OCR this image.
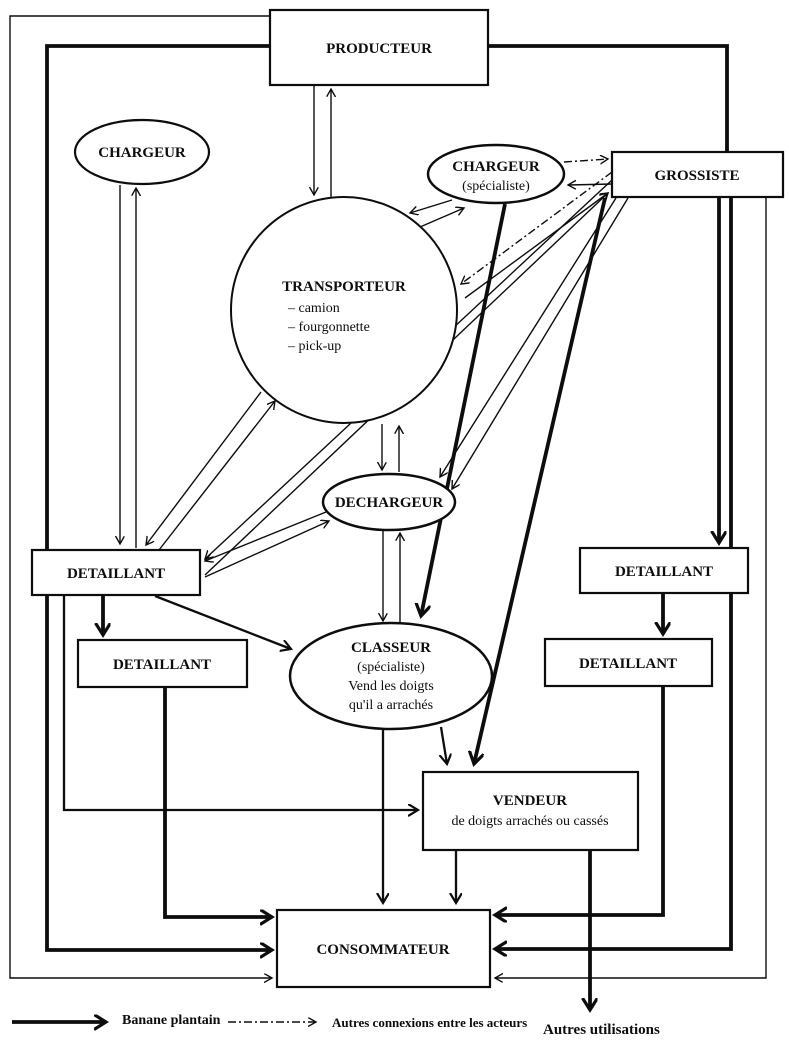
PRODUCTEUR
CHARGEUR
CHARGEUR
(spécialiste)
GROSSISTE
TRANSPORTEUR
– camion
– fourgonnette
– pick-up
DECHARGEUR
DETAILLANT
DETAILLANT
DETAILLANT
DETAILLANT
CLASSEUR
(spécialiste)
Vend les doigts
qu'il a arrachés
VENDEUR
de doigts arrachés ou cassés
CONSOMMATEUR
Banane plantain	Autres connexions entre les acteurs Autres utilisations
